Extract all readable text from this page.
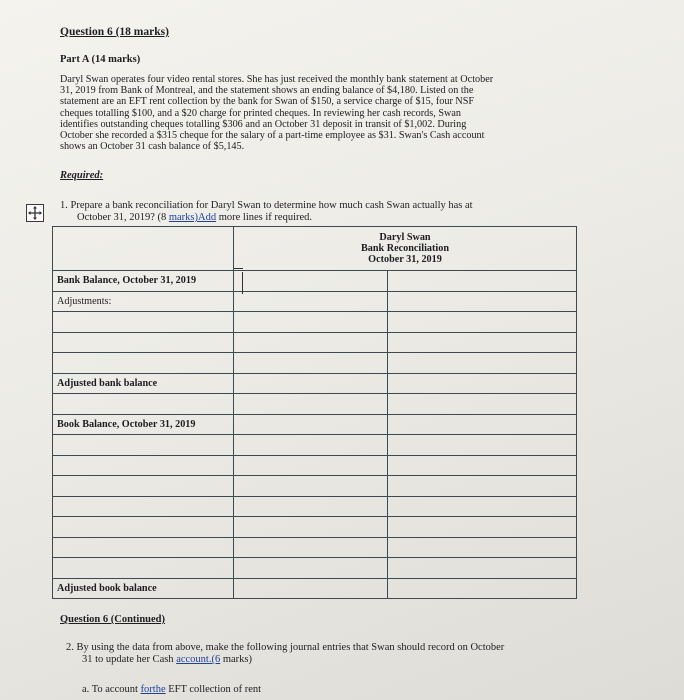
Question 6 (18 marks)
Part A (14 marks)
Daryl Swan operates four video rental stores. She has just received the monthly bank statement at October
31, 2019 from Bank of Montreal, and the statement shows an ending balance of $4,180. Listed on the
statement are an EFT rent collection by the bank for Swan of $150, a service charge of $15, four NSF
cheques totalling $100, and a $20 charge for printed cheques. In reviewing her cash records, Swan
identifies outstanding cheques totalling $306 and an October 31 deposit in transit of $1,002. During
October she recorded a $315 cheque for the salary of a part-time employee as $31. Swan's Cash account
shows an October 31 cash balance of $5,145.
Required:
1. Prepare a bank reconciliation for Daryl Swan to determine how much cash Swan actually has at
October 31, 2019? (8 marks)Add more lines if required.

	Daryl Swan
Bank Reconciliation
October 31, 2019	

Bank Balance, October 31, 2019		
Adjustments:		

Adjusted bank balance		

Book Balance, October 31, 2019		

Adjusted book balance		
Question 6 (Continued)
2. By using the data from above, make the following journal entries that Swan should record on October
31 to update her Cash account.(6 marks)
a. To account forthe EFT collection of rent
